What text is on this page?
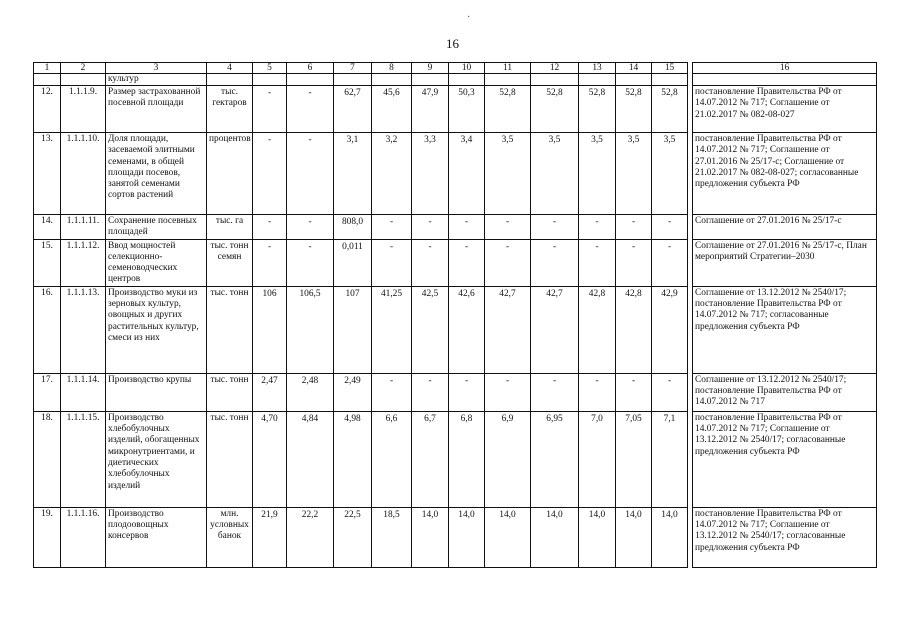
·
16
1	2	3	4	5	6	7	8	9	10	11	12	13	14	15		16
		культур														
12.	1.1.1.9.	Размер застрахованной посевной площади	тыс. гектаров	-	-	62,7	45,6	47,9	50,3	52,8	52,8	52,8	52,8	52,8		постановление Правительства РФ от 14.07.2012 № 717; Соглашение от 21.02.2017 № 082-08-027
13.	1.1.1.10.	Доля площади, засеваемой элитными семенами, в общей площади посевов, занятой семенами сортов растений	процентов	-	-	3,1	3,2	3,3	3,4	3,5	3,5	3,5	3,5	3,5		постановление Правительства РФ от 14.07.2012 № 717; Соглашение от 27.01.2016 № 25/17-с; Соглашение от 21.02.2017 № 082-08-027; согласованные предложения субъекта РФ
14.	1.1.1.11.	Сохранение посевных площадей	тыс. га	-	-	808,0	-	-	-	-	-	-	-	-		Соглашение от 27.01.2016 № 25/17-с
15.	1.1.1.12.	Ввод мощностей селекционно-семеноводческих центров	тыс. тонн семян	-	-	0,011	-	-	-	-	-	-	-	-		Соглашение от 27.01.2016 № 25/17-с, План мероприятий Стратегии–2030
16.	1.1.1.13.	Производство муки из зерновых культур, овощных и других растительных культур, смеси из них	тыс. тонн	106	106,5	107	41,25	42,5	42,6	42,7	42,7	42,8	42,8	42,9		Соглашение от 13.12.2012 № 2540/17; постановление Правительства РФ от 14.07.2012 № 717; согласованные предложения субъекта РФ
17.	1.1.1.14.	Производство крупы	тыс. тонн	2,47	2,48	2,49	-	-	-	-	-	-	-	-		Соглашение от 13.12.2012 № 2540/17; постановление Правительства РФ от 14.07.2012 № 717
18.	1.1.1.15.	Производство хлебобулочных изделий, обогащенных микронутриентами, и диетических хлебобулочных изделий	тыс. тонн	4,70	4,84	4,98	6,6	6,7	6,8	6,9	6,95	7,0	7,05	7,1		постановление Правительства РФ от 14.07.2012 № 717; Соглашение от 13.12.2012 № 2540/17; согласованные предложения субъекта РФ
19.	1.1.1.16.	Производство плодоовощных консервов	млн. условных банок	21,9	22,2	22,5	18,5	14,0	14,0	14,0	14,0	14,0	14,0	14,0		постановление Правительства РФ от 14.07.2012 № 717; Соглашение от 13.12.2012 № 2540/17; согласованные предложения субъекта РФ
